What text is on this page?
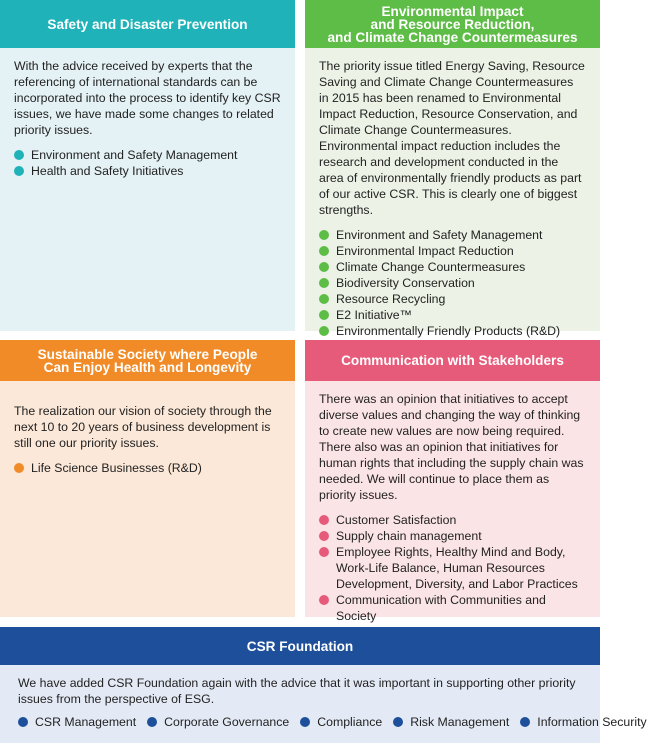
Safety and Disaster Prevention

With the advice received by experts that the referencing of international standards can be incorporated into the process to identify key CSR issues, we have made some changes to related priority issues.

Environment and Safety Management
Health and Safety Initiatives
Environmental Impact
and Resource Reduction,
and Climate Change Countermeasures

The priority issue titled Energy Saving, Resource Saving and Climate Change Countermeasures in 2015 has been renamed to Environmental Impact Reduction, Resource Conservation, and Climate Change Countermeasures. Environmental impact reduction includes the research and development conducted in the area of environmentally friendly products as part of our active CSR. This is clearly one of biggest strengths.

Environment and Safety Management
Environmental Impact Reduction
Climate Change Countermeasures
Biodiversity Conservation
Resource Recycling
E2 Initiative™
Environmentally Friendly Products (R&D)
Sustainable Society where People
Can Enjoy Health and Longevity

The realization our vision of society through the next 10 to 20 years of business development is still one our priority issues.

Life Science Businesses (R&D)
Communication with Stakeholders

There was an opinion that initiatives to accept diverse values and changing the way of thinking to create new values are now being required. There also was an opinion that initiatives for human rights that including the supply chain was needed. We will continue to place them as priority issues.

Customer Satisfaction
Supply chain management
Employee Rights, Healthy Mind and Body, Work-Life Balance, Human Resources Development, Diversity, and Labor Practices
Communication with Communities and Society
CSR Foundation

We have added CSR Foundation again with the advice that it was important in supporting other priority issues from the perspective of ESG.

CSR Management	Corporate Governance	Compliance	Risk Management	Information Security
